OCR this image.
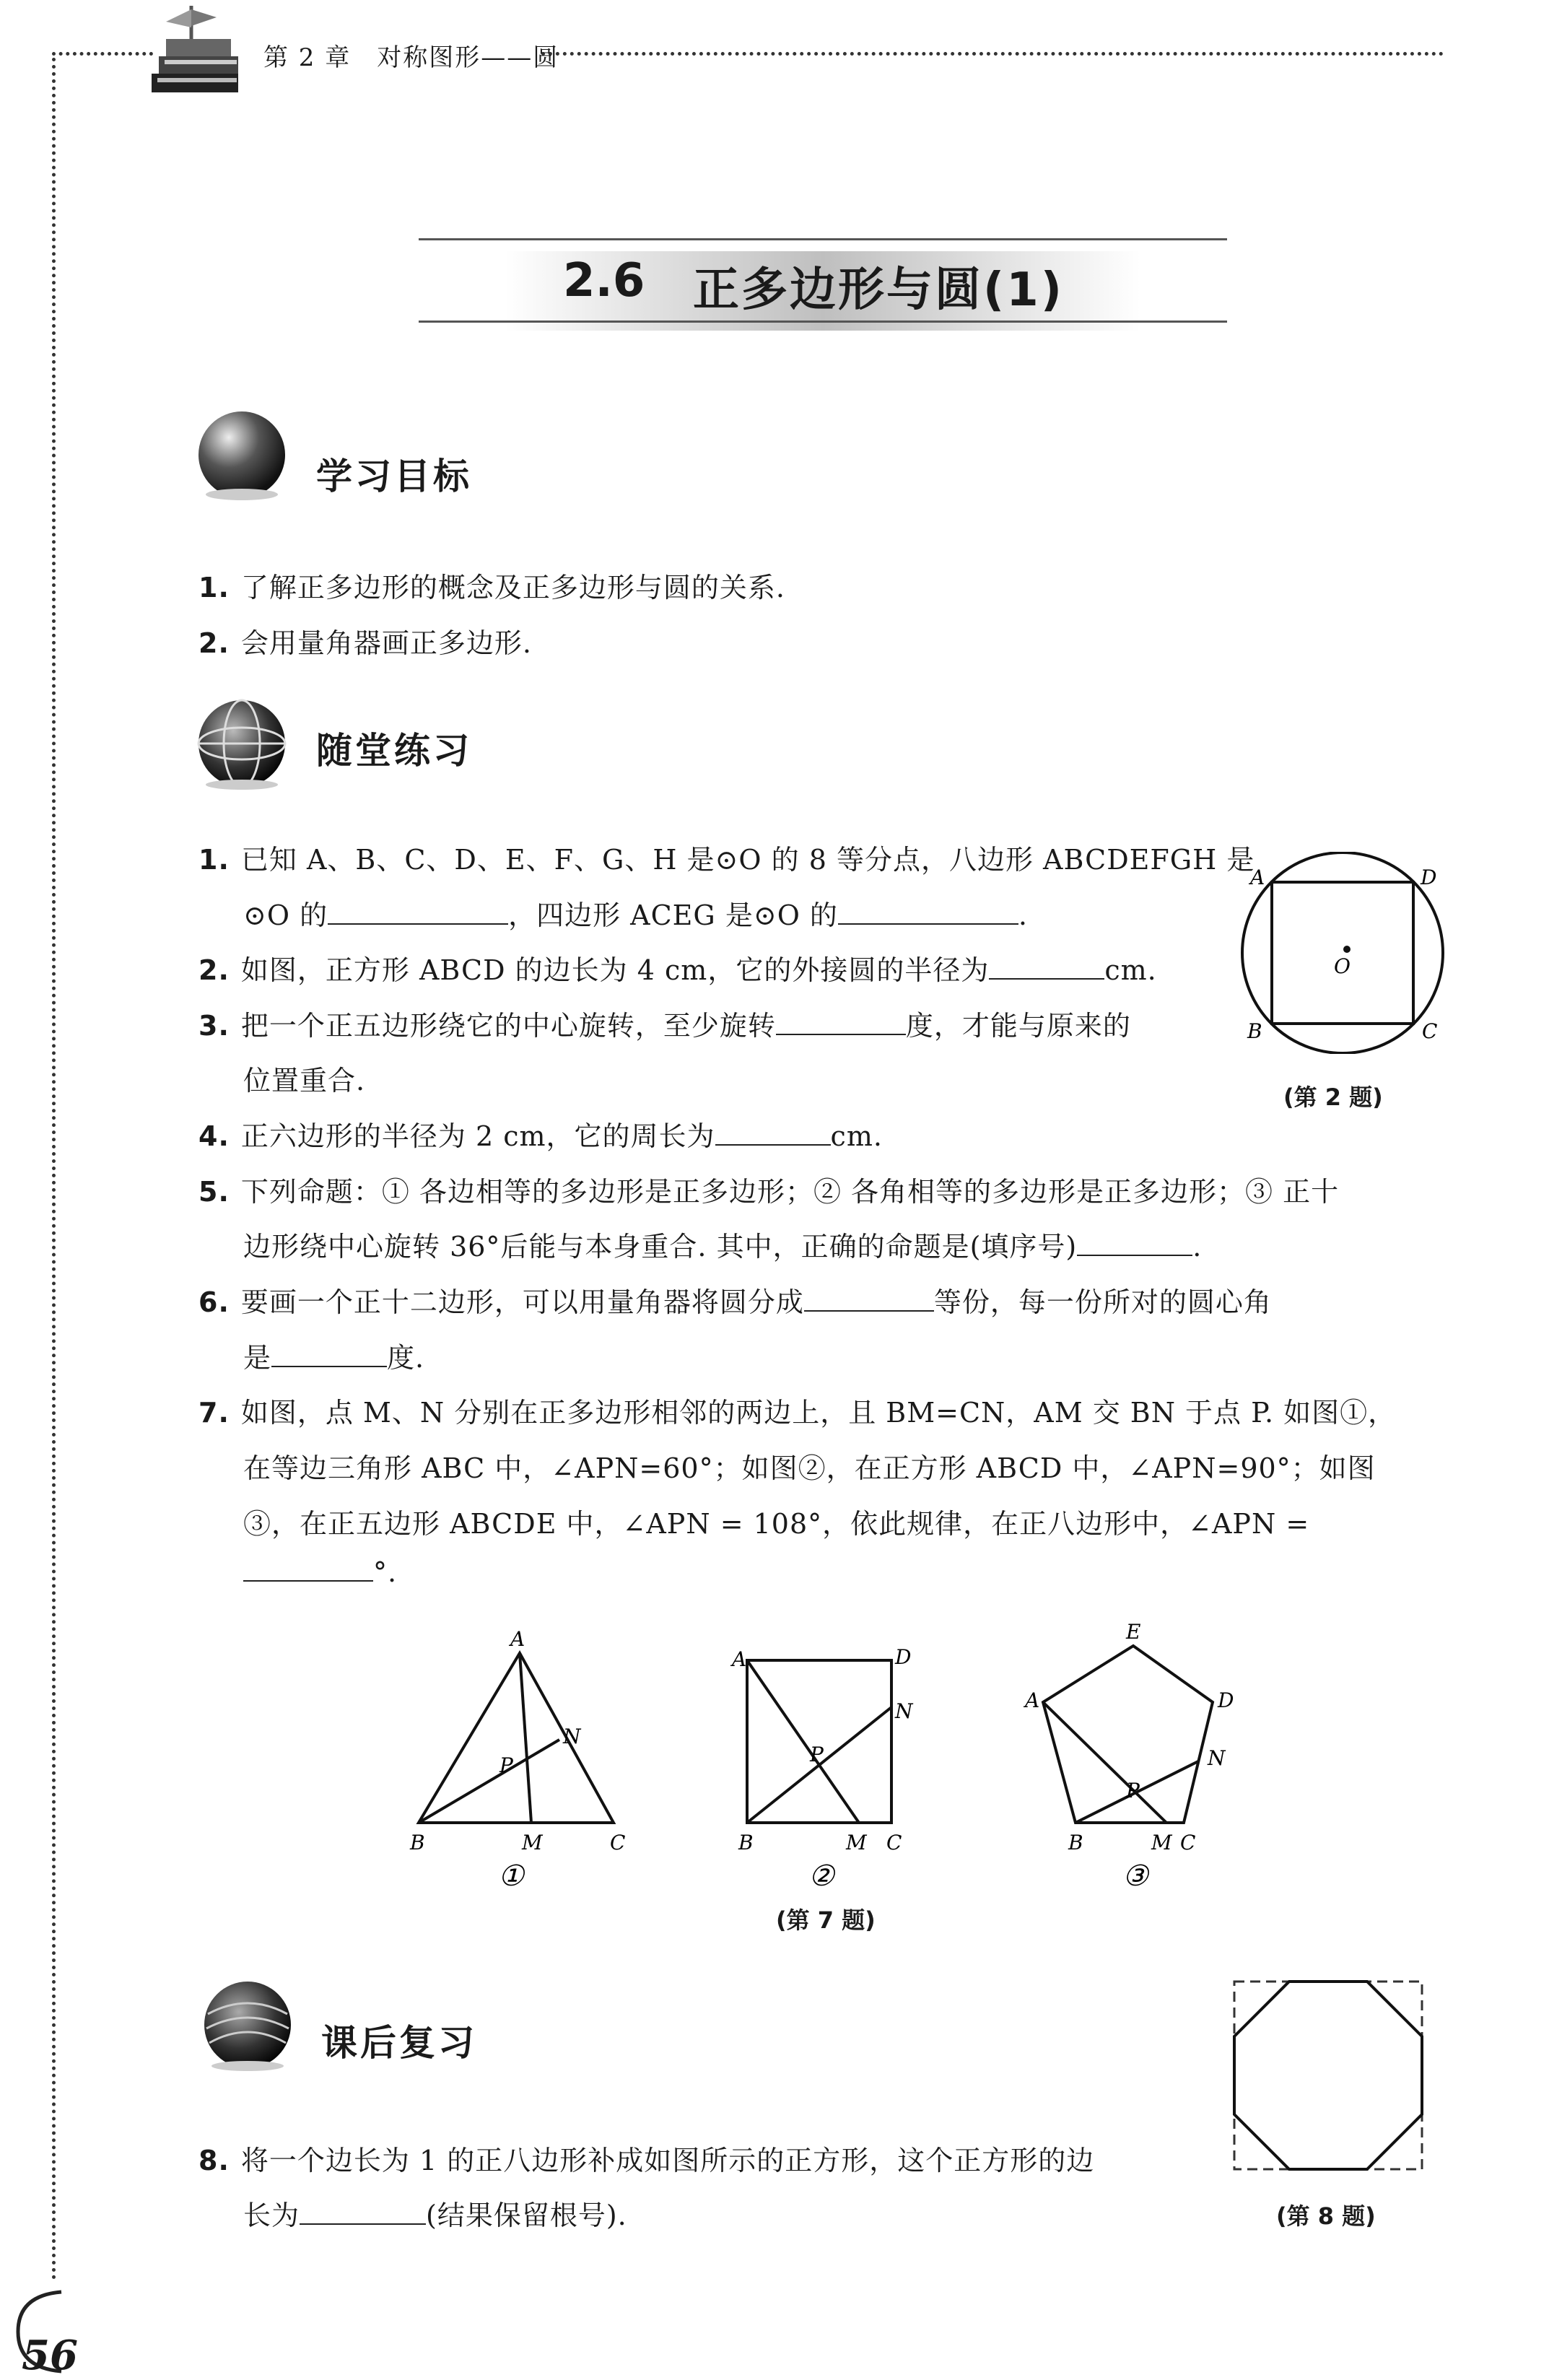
第 2 章　对称图形——圆
2.6 正多边形与圆(1)
学习目标
1. 了解正多边形的概念及正多边形与圆的关系.
2. 会用量角器画正多边形.
随堂练习
1. 已知 A、B、C、D、E、F、G、H 是⊙O 的 8 等分点，八边形 ABCDEFGH 是
⊙O 的	，四边形 ACEG 是⊙O 的	.
2. 如图，正方形 ABCD 的边长为 4 cm，它的外接圆的半径为	cm.
3. 把一个正五边形绕它的中心旋转，至少旋转	度，才能与原来的
位置重合.
A	D
B	C
O
(第 2 题)
4. 正六边形的半径为 2 cm，它的周长为	cm.
5. 下列命题：① 各边相等的多边形是正多边形；② 各角相等的多边形是正多边形；③ 正十
边形绕中心旋转 36°后能与本身重合. 其中，正确的命题是(填序号)	.
6. 要画一个正十二边形，可以用量角器将圆分成	等份，每一份所对的圆心角
是	度.
7. 如图，点 M、N 分别在正多边形相邻的两边上，且 BM=CN，AM 交 BN 于点 P. 如图①，
在等边三角形 ABC 中，∠APN=60°；如图②，在正方形 ABCD 中，∠APN=90°；如图
③，在正五边形 ABCDE 中，∠APN = 108°，依此规律，在正八边形中，∠APN =
°.
A
B	C
M
N
P
①
A	D
B	C
M
N
P
②
E
A	D
N
P
B	M C
③
(第 7 题)
课后复习
(第 8 题)
8. 将一个边长为 1 的正八边形补成如图所示的正方形，这个正方形的边
长为	(结果保留根号).
56
